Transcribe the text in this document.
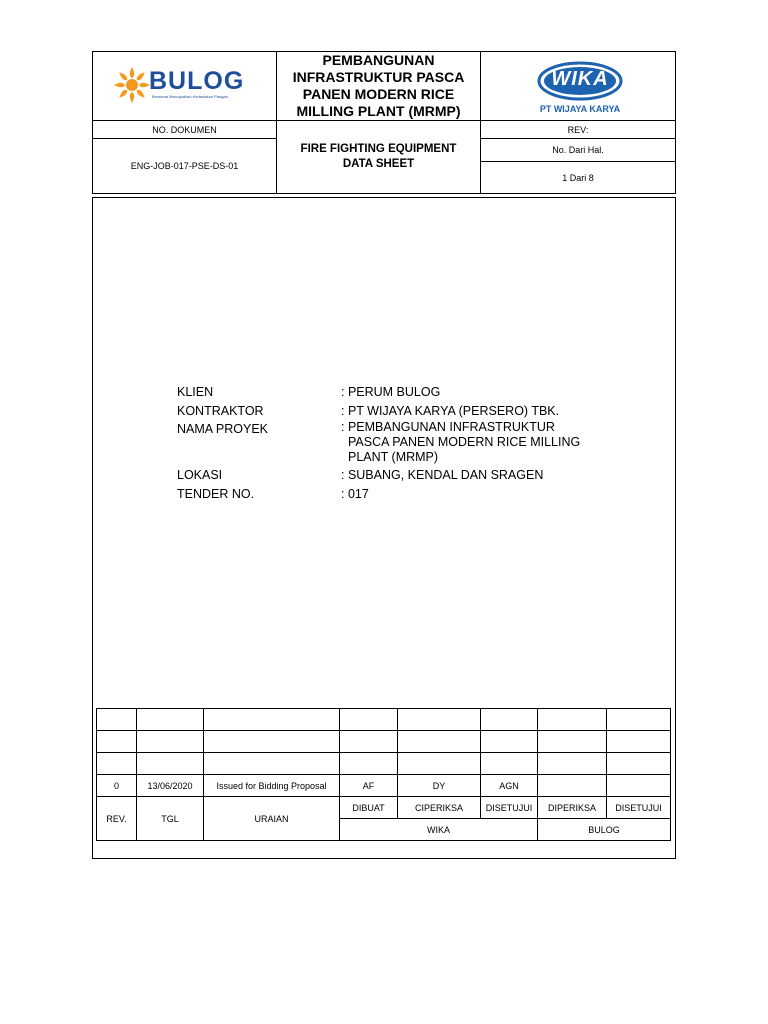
BULOG
Bersama Mewujudkan Kedaulatan Pangan
PEMBANGUNAN
INFRASTRUKTUR PASCA
PANEN MODERN RICE
MILLING PLANT (MRMP)
WIKA
PT WIJAYA KARYA
NO. DOKUMEN
ENG-JOB-017-PSE-DS-01
FIRE FIGHTING EQUIPMENT
DATA SHEET
REV:
No. Dari Hal.
1 Dari 8
KLIEN	: PERUM BULOG
KONTRAKTOR	: PT WIJAYA KARYA (PERSERO) TBK.
NAMA PROYEK	: PEMBANGUNAN INFRASTRUKTUR
PASCA PANEN MODERN RICE MILLING
PLANT (MRMP)
LOKASI	: SUBANG, KENDAL DAN SRAGEN
TENDER NO.	: 017

0	13/06/2020	Issued for Bidding Proposal	AF	DY	AGN		
REV.	TGL	URAIAN	DIBUAT	CIPERIKSA	DISETUJUI	DIPERIKSA	DISETUJUI
			WIKA			BULOG	
